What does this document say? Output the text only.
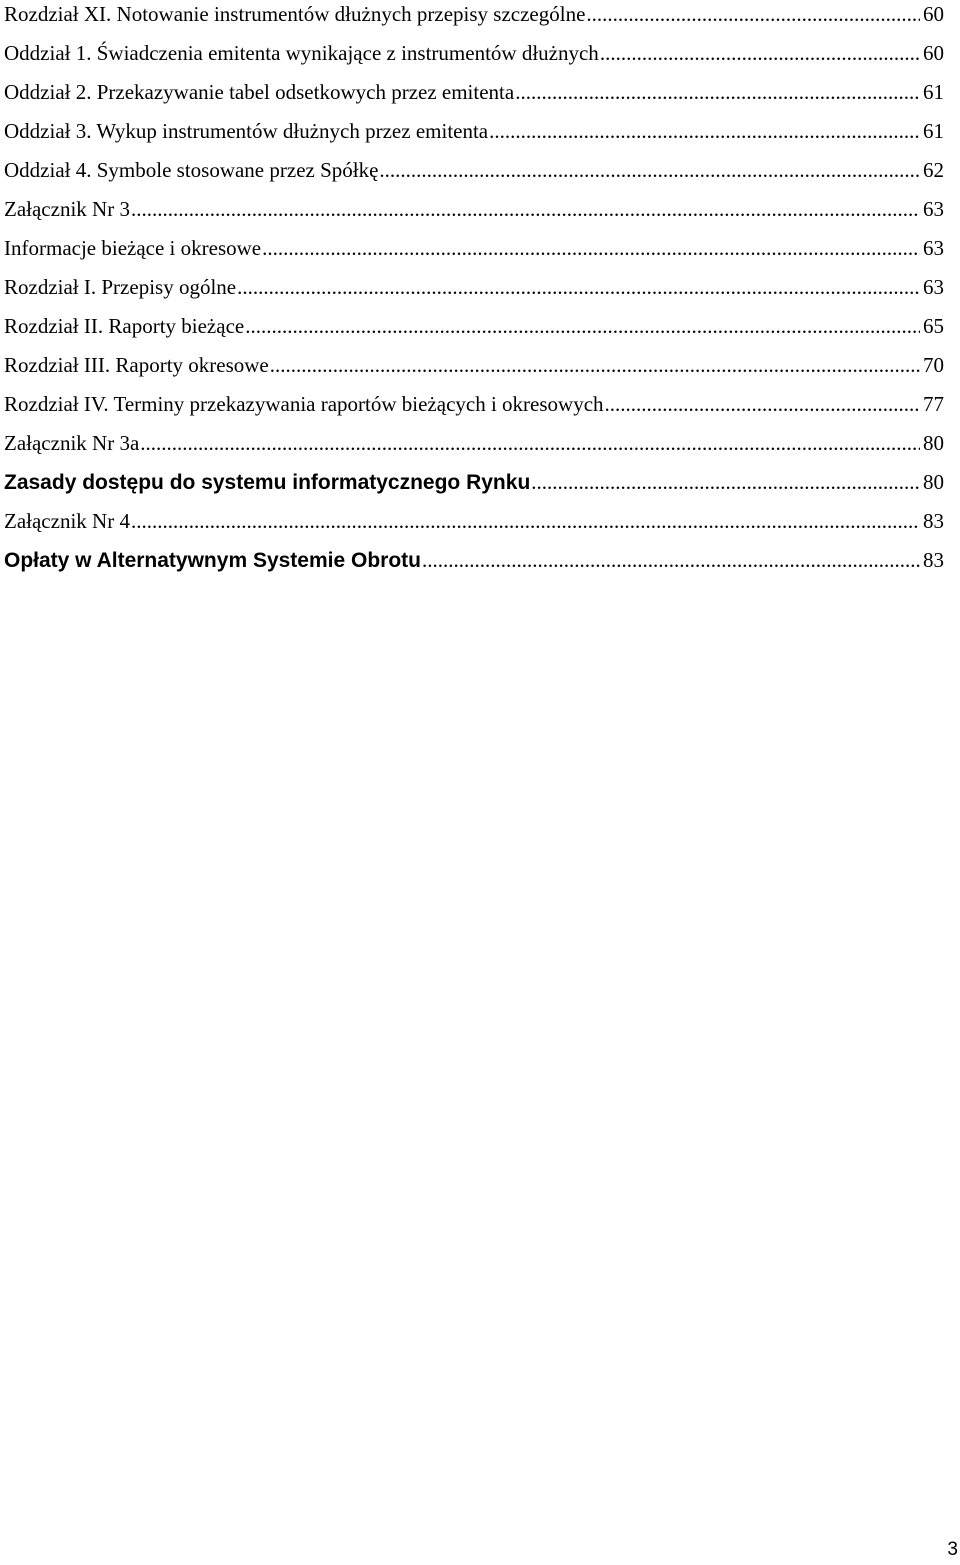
Rozdział XI. Notowanie instrumentów dłużnych przepisy szczególne .....	60
Oddział 1. Świadczenia emitenta wynikające z instrumentów dłużnych .....	60
Oddział 2. Przekazywanie tabel odsetkowych przez emitenta .....	61
Oddział 3. Wykup instrumentów dłużnych przez emitenta .....	61
Oddział 4. Symbole stosowane przez Spółkę .....	62
Załącznik Nr 3 .....	63
Informacje bieżące i okresowe .....	63
Rozdział I. Przepisy ogólne .....	63
Rozdział II. Raporty bieżące .....	65
Rozdział III. Raporty okresowe .....	70
Rozdział IV. Terminy przekazywania raportów bieżących i okresowych .....	77
Załącznik Nr 3a .....	80
Zasady dostępu do systemu informatycznego Rynku .....	80
Załącznik Nr 4 .....	83
Opłaty w Alternatywnym Systemie Obrotu .....	83
3
